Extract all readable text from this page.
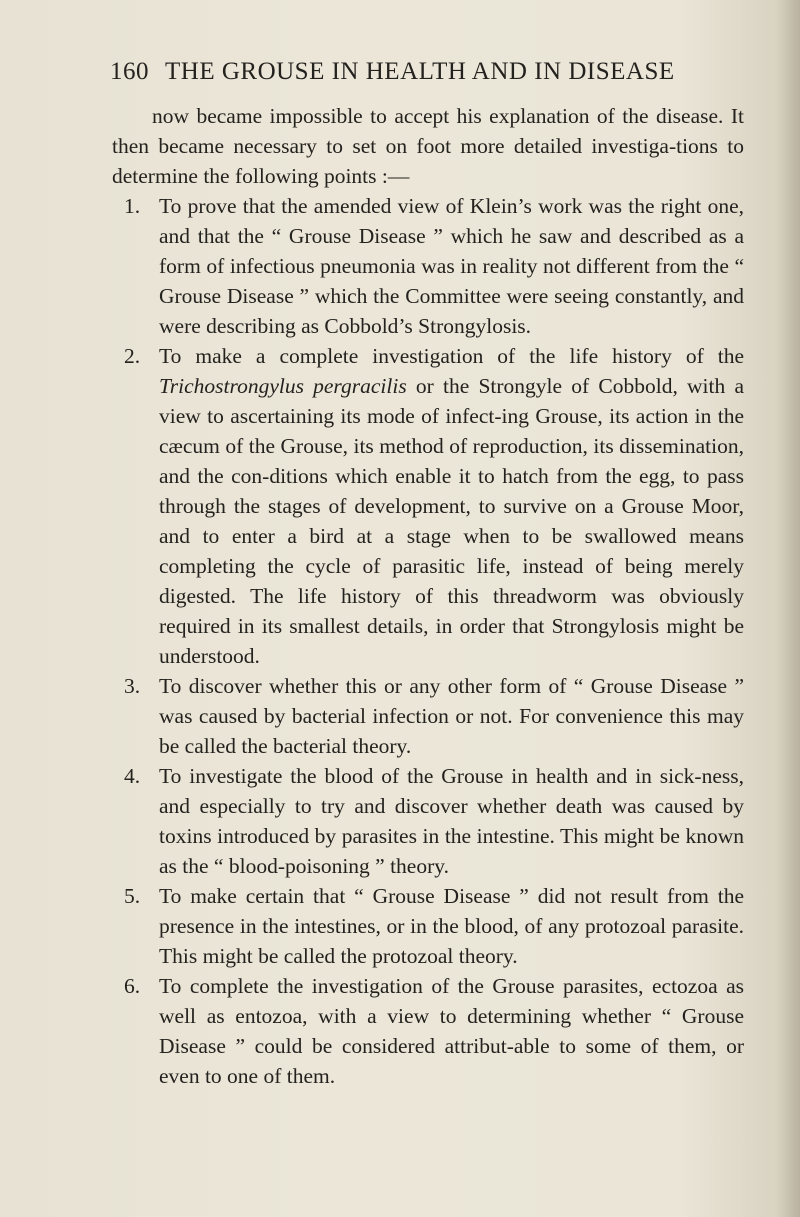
160 THE GROUSE IN HEALTH AND IN DISEASE

now became impossible to accept his explanation of the disease. It then became necessary to set on foot more detailed investiga-tions to determine the following points :—

1. To prove that the amended view of Klein’s work was the right one, and that the “ Grouse Disease ” which he saw and described as a form of infectious pneumonia was in reality not different from the “ Grouse Disease ” which the Committee were seeing constantly, and were describing as Cobbold’s Strongylosis.

2. To make a complete investigation of the life history of the Trichostrongylus pergracilis or the Strongyle of Cobbold, with a view to ascertaining its mode of infect-ing Grouse, its action in the cæcum of the Grouse, its method of reproduction, its dissemination, and the con-ditions which enable it to hatch from the egg, to pass through the stages of development, to survive on a Grouse Moor, and to enter a bird at a stage when to be swallowed means completing the cycle of parasitic life, instead of being merely digested. The life history of this threadworm was obviously required in its smallest details, in order that Strongylosis might be understood.

3. To discover whether this or any other form of “ Grouse Disease ” was caused by bacterial infection or not. For convenience this may be called the bacterial theory.

4. To investigate the blood of the Grouse in health and in sick-ness, and especially to try and discover whether death was caused by toxins introduced by parasites in the intestine. This might be known as the “ blood-poisoning ” theory.

5. To make certain that “ Grouse Disease ” did not result from the presence in the intestines, or in the blood, of any protozoal parasite. This might be called the protozoal theory.

6. To complete the investigation of the Grouse parasites, ectozoa as well as entozoa, with a view to determining whether “ Grouse Disease ” could be considered attribut-able to some of them, or even to one of them.
